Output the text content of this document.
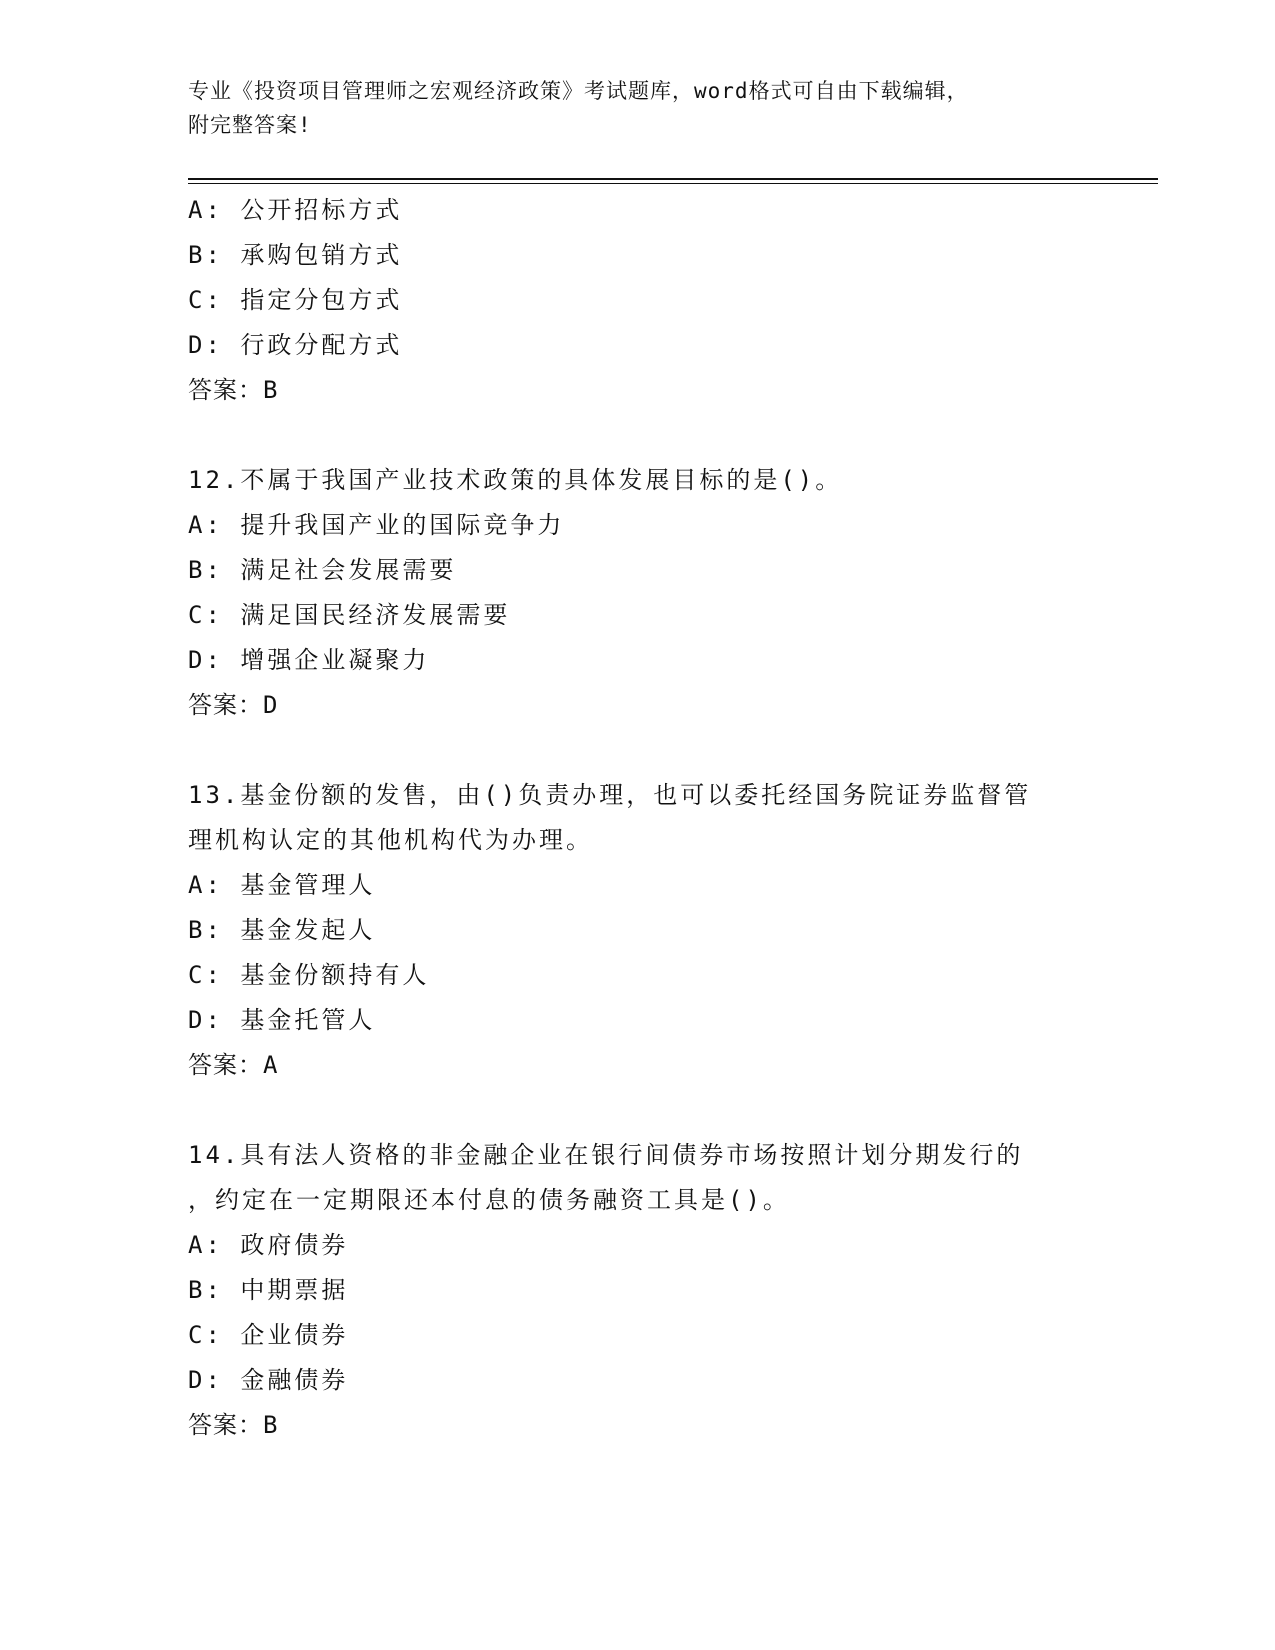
专业《投资项目管理师之宏观经济政策》考试题库，word格式可自由下载编辑，
附完整答案!
A: 公开招标方式
B: 承购包销方式
C: 指定分包方式
D: 行政分配方式
答案：B
12.不属于我国产业技术政策的具体发展目标的是()。
A: 提升我国产业的国际竞争力
B: 满足社会发展需要
C: 满足国民经济发展需要
D: 增强企业凝聚力
答案：D
13.基金份额的发售，由()负责办理，也可以委托经国务院证券监督管
理机构认定的其他机构代为办理。
A: 基金管理人
B: 基金发起人
C: 基金份额持有人
D: 基金托管人
答案：A
14.具有法人资格的非金融企业在银行间债券市场按照计划分期发行的
，约定在一定期限还本付息的债务融资工具是()。
A: 政府债券
B: 中期票据
C: 企业债券
D: 金融债券
答案：B
